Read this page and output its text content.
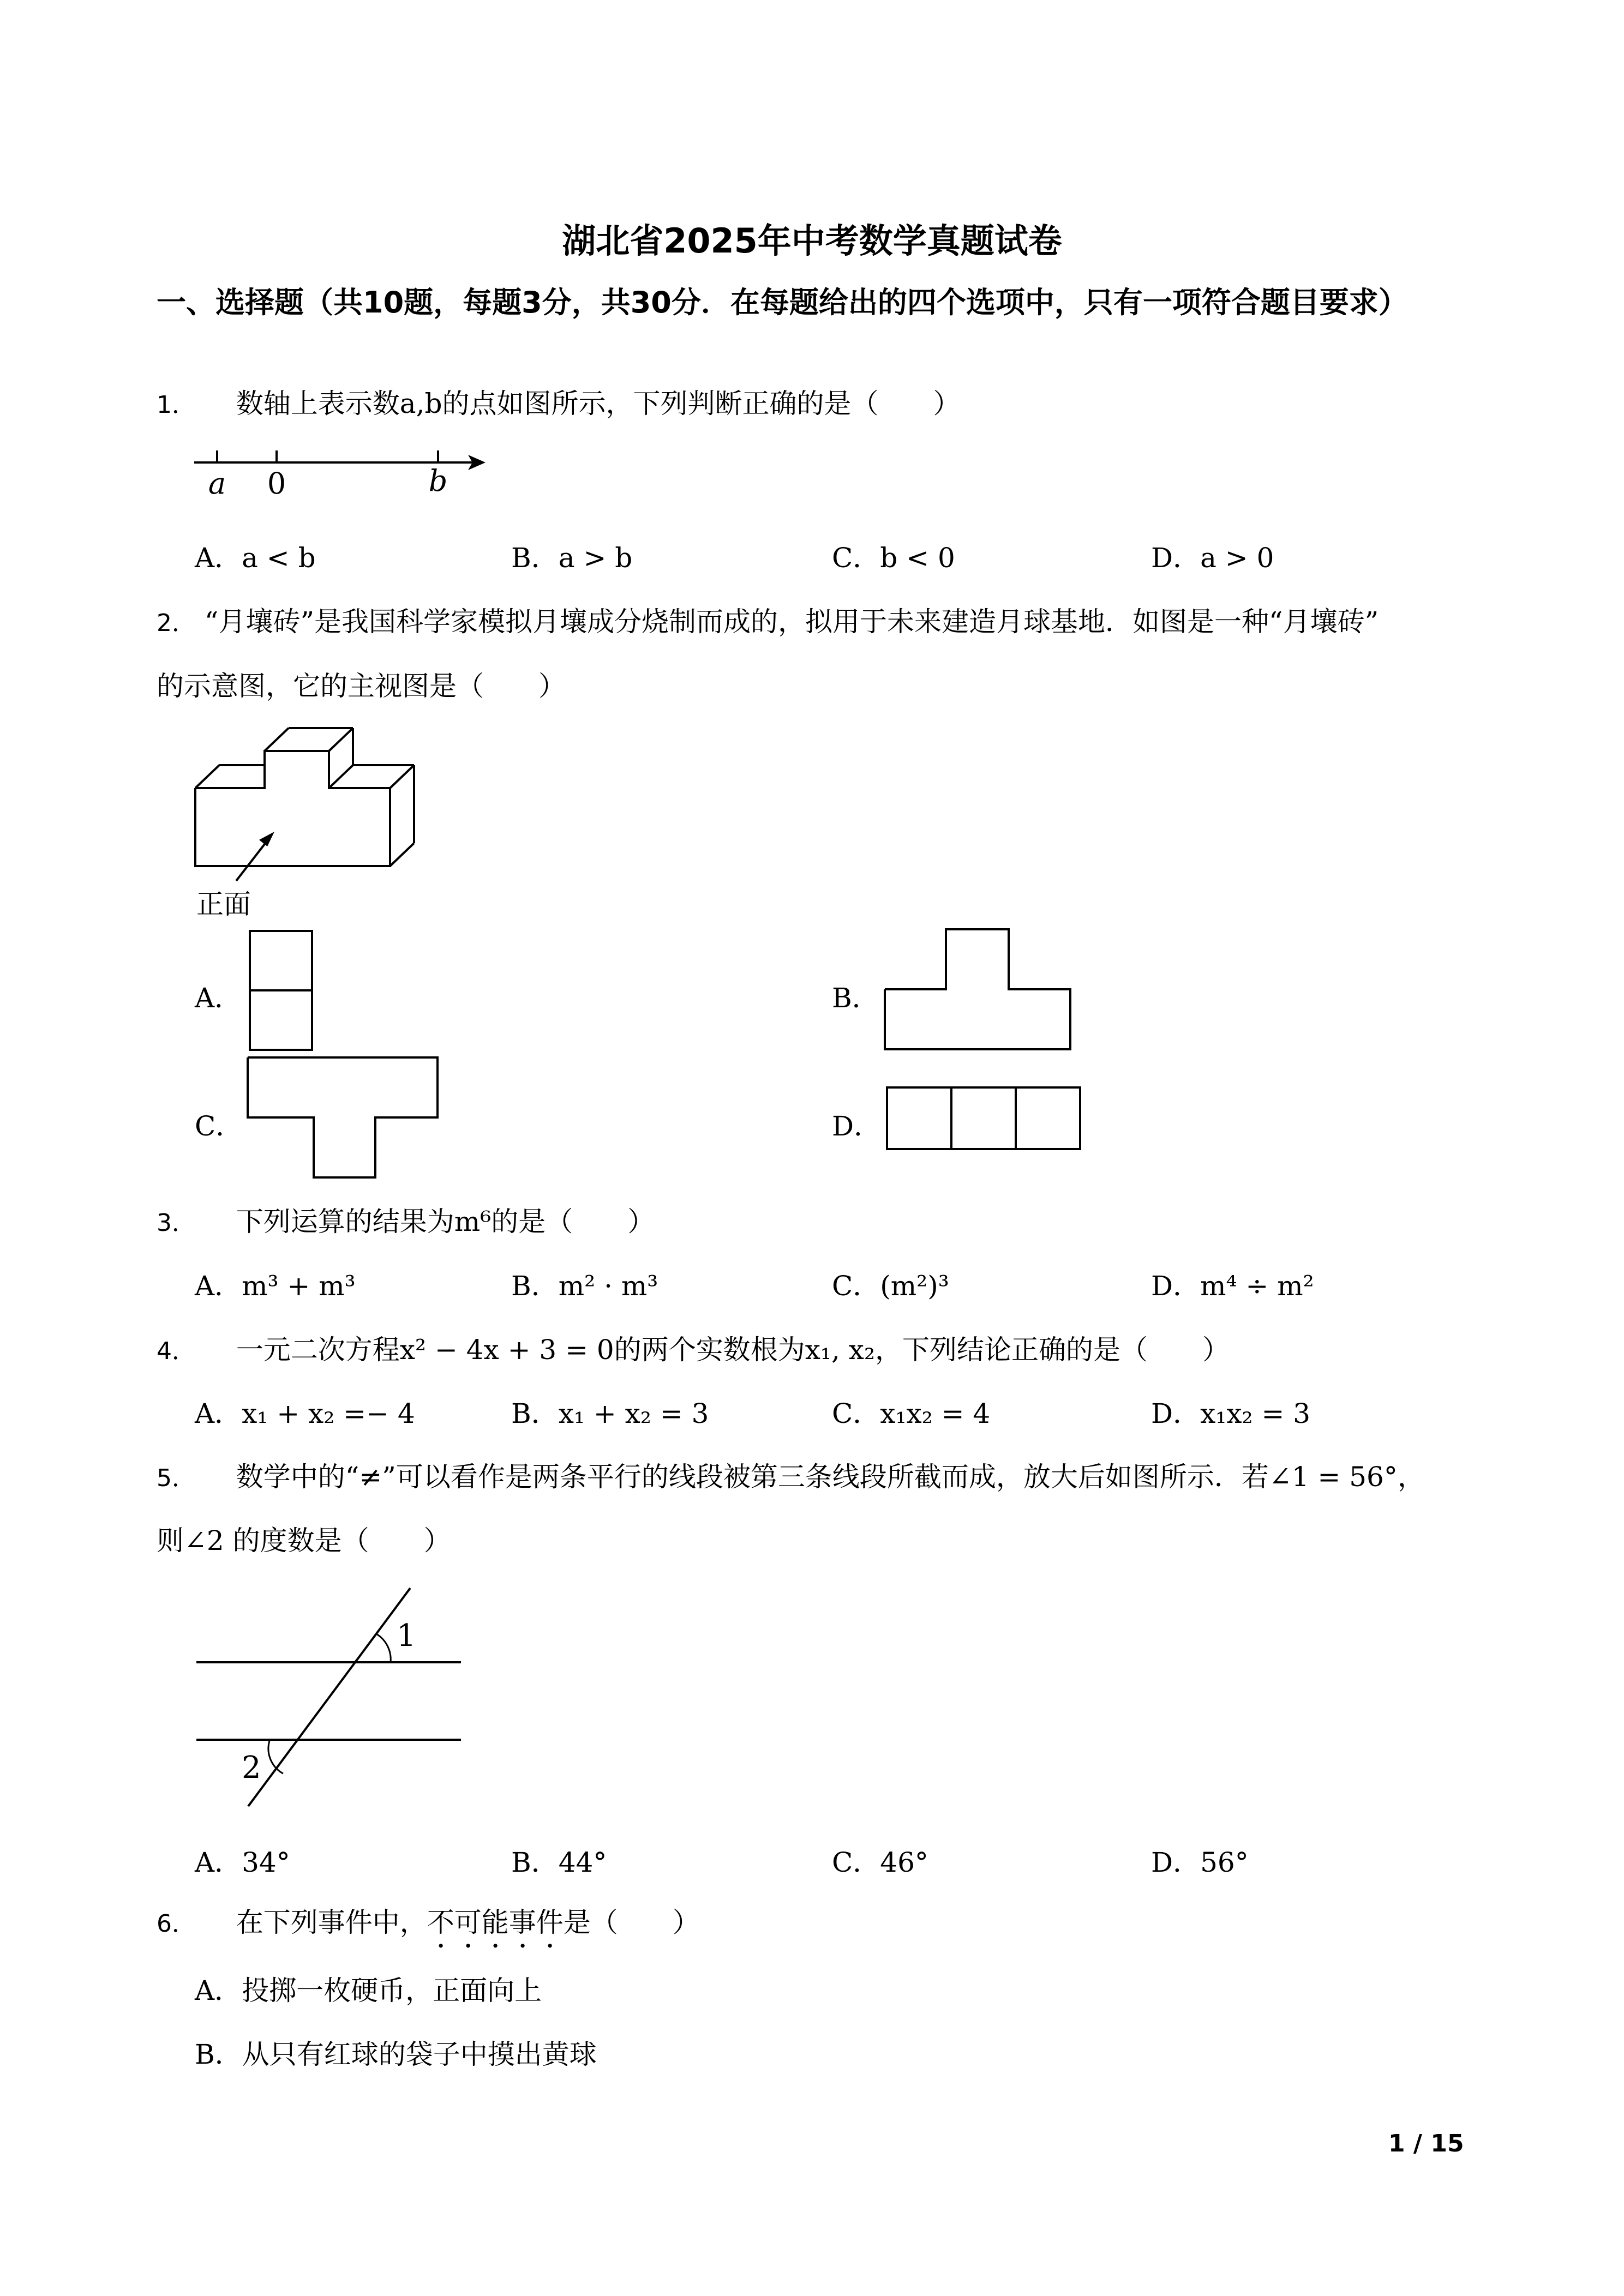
湖北省2025年中考数学真题试卷
一、选择题（共10题，每题3分，共30分．在每题给出的四个选项中，只有一项符合题目要求）
1． 数轴上表示数a,b的点如图所示，下列判断正确的是（　　）
a 0	b
A．a < b	B．a > b	C．b < 0	D．a > 0
2． “月壤砖”是我国科学家模拟月壤成分烧制而成的，拟用于未来建造月球基地．如图是一种“月壤砖”
的示意图，它的主视图是（　　）
正面
A．	B．
C．	D．
3． 下列运算的结果为m⁶的是（　　）
A．m³ + m³	B．m² · m³	C．(m²)³	D．m⁴ ÷ m²
4． 一元二次方程x² − 4x + 3 = 0的两个实数根为x₁, x₂，下列结论正确的是（　　）
A．x₁ + x₂ =− 4	B．x₁ + x₂ = 3	C．x₁x₂ = 4	D．x₁x₂ = 3
5． 数学中的“≠”可以看作是两条平行的线段被第三条线段所截而成，放大后如图所示．若∠1 = 56°，
则∠2 的度数是（　　）
1
2
A．34°	B．44°	C．46°	D．56°
6． 在下列事件中，不可能事件是（　　）
A．投掷一枚硬币，正面向上
B．从只有红球的袋子中摸出黄球
1 / 15
